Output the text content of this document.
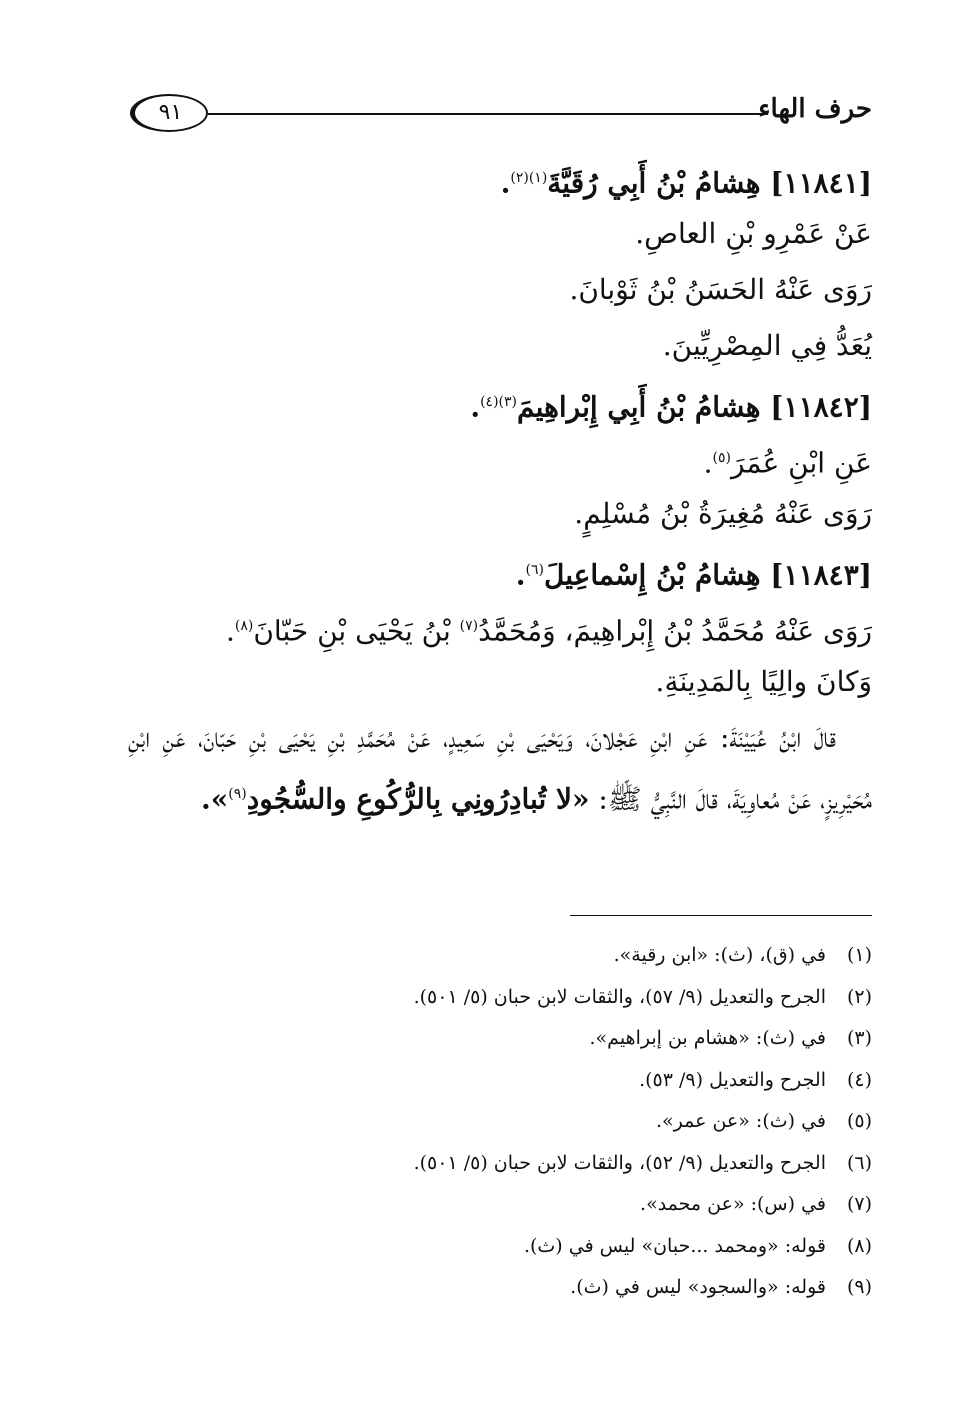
٩١	حرف الهاء
[١١٨٤١] هِشامُ بْنُ أَبِي رُقَيَّةَ$^{(١)(٢)}$.
عَنْ عَمْرِو بْنِ العاصِ.
رَوَى عَنْهُ الحَسَنُ بْنُ ثَوْبانَ.
يُعَدُّ فِي المِصْرِيِّينَ.
[١١٨٤٢] هِشامُ بْنُ أَبِي إِبْراهِيمَ$^{(٣)(٤)}$.
عَنِ ابْنِ عُمَرَ$^{(٥)}$.
رَوَى عَنْهُ مُغِيرَةُ بْنُ مُسْلِمٍ.
[١١٨٤٣] هِشامُ بْنُ إِسْماعِيلَ$^{(٦)}$.
رَوَى عَنْهُ مُحَمَّدُ بْنُ إِبْراهِيمَ، وَمُحَمَّدُ$^{(٧)}$ بْنُ يَحْيَى بْنِ حَبّانَ$^{(٨)}$.
وَكانَ والِيًا بِالمَدِينَةِ.
قالَ ابْنُ عُيَيْنَةَ: عَنِ ابْنِ عَجْلانَ، وَيَحْيَى بْنِ سَعِيدٍ، عَنْ مُحَمَّدِ بْنِ يَحْيَى بْنِ حَبّانَ، عَنِ ابْنِ مُحَيْرِيزٍ، عَنْ مُعاوِيَةَ، قالَ النَّبِيُّ ﷺ: «لا تُبادِرُونِي بِالرُّكُوعِ والسُّجُودِ$^{(٩)}$».
(١)في (ق)، (ث): «ابن رقية».
(٢)الجرح والتعديل (٩/ ٥٧)، والثقات لابن حبان (٥/ ٥٠١).
(٣)في (ث): «هشام بن إبراهيم».
(٤)الجرح والتعديل (٩/ ٥٣).
(٥)في (ث): «عن عمر».
(٦)الجرح والتعديل (٩/ ٥٢)، والثقات لابن حبان (٥/ ٥٠١).
(٧)في (س): «عن محمد».
(٨)قوله: «ومحمد ...حبان» ليس في (ث).
(٩)قوله: «والسجود» ليس في (ث).
